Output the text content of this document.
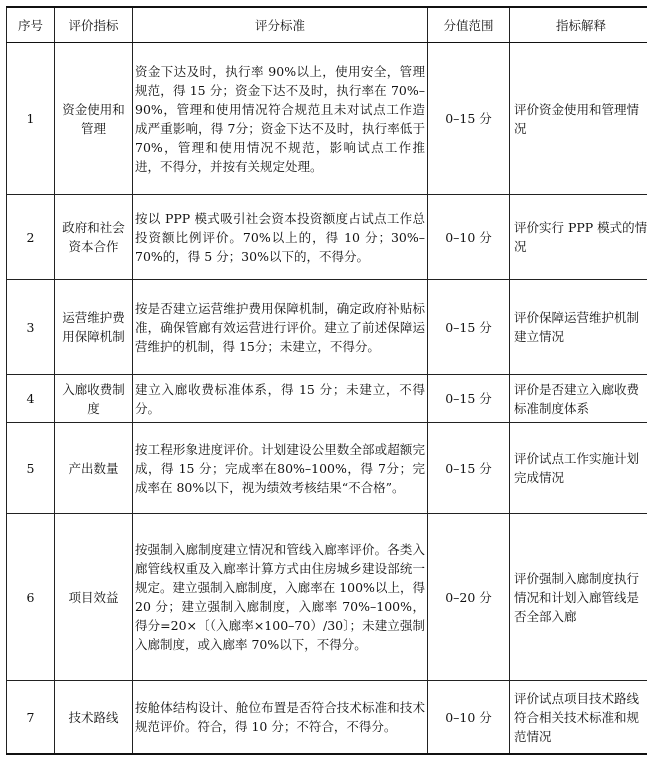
序号	评价指标	评分标准	分值范围	指标解释
1	资金使用和管理	资金下达及时，执行率 90%以上，使用安全，管理规范，得 15 分；资金下达不及时，执行率在 70%–90%，管理和使用情况符合规范且未对试点工作造成严重影响，得 7分；资金下达不及时，执行率低于 70%，管理和使用情况不规范，影响试点工作推进，不得分，并按有关规定处理。	0–15 分	评价资金使用和管理情况
2	政府和社会资本合作	按以 PPP 模式吸引社会资本投资额度占试点工作总投资额比例评价。70%以上的，得 10 分；30%–70%的，得 5 分；30%以下的，不得分。	0–10 分	评价实行 PPP 模式的情况
3	运营维护费用保障机制	按是否建立运营维护费用保障机制，确定政府补贴标准，确保管廊有效运营进行评价。建立了前述保障运营维护的机制，得 15分；未建立，不得分。	0–15 分	评价保障运营维护机制建立情况
4	入廊收费制度	建立入廊收费标准体系，得 15 分；未建立，不得分。	0–15 分	评价是否建立入廊收费标准制度体系
5	产出数量	按工程形象进度评价。计划建设公里数全部或超额完成，得 15 分；完成率在80%–100%，得 7分；完成率在 80%以下，视为绩效考核结果“不合格”。	0–15 分	评价试点工作实施计划完成情况
6	项目效益	按强制入廊制度建立情况和管线入廊率评价。各类入廊管线权重及入廊率计算方式由住房城乡建设部统一规定。建立强制入廊制度，入廊率在 100%以上，得 20 分；建立强制入廊制度，入廊率 70%–100%，得分=20×〔（入廊率×100–70）/30〕；未建立强制入廊制度，或入廊率 70%以下，不得分。	0–20 分	评价强制入廊制度执行情况和计划入廊管线是否全部入廊
7	技术路线	按舱体结构设计、舱位布置是否符合技术标准和技术规范评价。符合，得 10 分；不符合，不得分。	0–10 分	评价试点项目技术路线符合相关技术标准和规范情况
